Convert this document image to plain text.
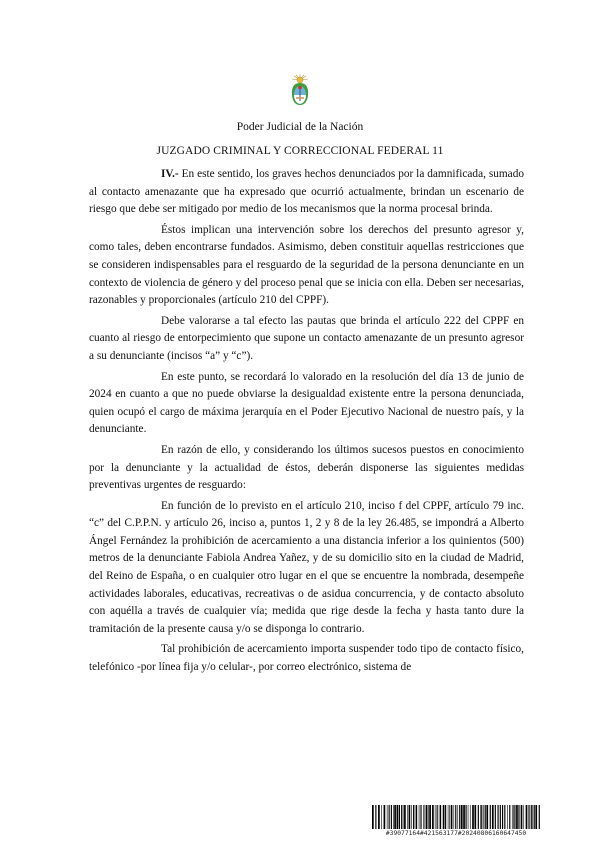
Poder Judicial de la Nación
JUZGADO CRIMINAL Y CORRECCIONAL FEDERAL 11

IV.- En este sentido, los graves hechos denunciados por la damnificada, sumado al contacto amenazante que ha expresado que ocurrió actualmente, brindan un escenario de riesgo que debe ser mitigado por medio de los mecanismos que la norma procesal brinda.

Éstos implican una intervención sobre los derechos del presunto agresor y, como tales, deben encontrarse fundados. Asimismo, deben constituir aquellas restricciones que se consideren indispensables para el resguardo de la seguridad de la persona denunciante en un contexto de violencia de género y del proceso penal que se inicia con ella. Deben ser necesarias, razonables y proporcionales (artículo 210 del CPPF).

Debe valorarse a tal efecto las pautas que brinda el artículo 222 del CPPF en cuanto al riesgo de entorpecimiento que supone un contacto amenazante de un presunto agresor a su denunciante (incisos “a” y “c”).

En este punto, se recordará lo valorado en la resolución del día 13 de junio de 2024 en cuanto a que no puede obviarse la desigualdad existente entre la persona denunciada, quien ocupó el cargo de máxima jerarquía en el Poder Ejecutivo Nacional de nuestro país, y la denunciante.

En razón de ello, y considerando los últimos sucesos puestos en conocimiento por la denunciante y la actualidad de éstos, deberán disponerse las siguientes medidas preventivas urgentes de resguardo:

En función de lo previsto en el artículo 210, inciso f del CPPF, artículo 79 inc. “c” del C.P.P.N. y artículo 26, inciso a, puntos 1, 2 y 8 de la ley 26.485, se impondrá a Alberto Ángel Fernández la prohibición de acercamiento a una distancia inferior a los quinientos (500) metros de la denunciante Fabiola Andrea Yañez, y de su domicilio sito en la ciudad de Madrid, del Reino de España, o en cualquier otro lugar en el que se encuentre la nombrada, desempeñe actividades laborales, educativas, recreativas o de asidua concurrencia, y de contacto absoluto con aquélla a través de cualquier vía; medida que rige desde la fecha y hasta tanto dure la tramitación de la presente causa y/o se disponga lo contrario.

Tal prohibición de acercamiento importa suspender todo tipo de contacto físico, telefónico -por línea fija y/o celular-, por correo electrónico, sistema de

#39077164#421563177#20240806160647450
